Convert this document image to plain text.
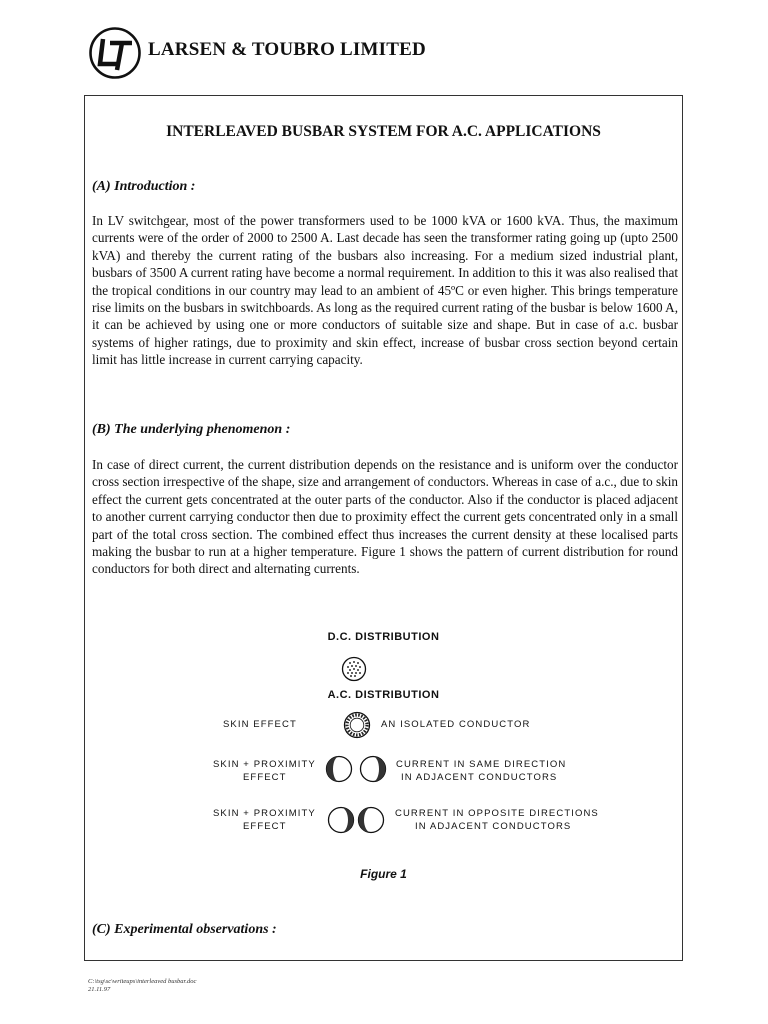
LARSEN & TOUBRO LIMITED
INTERLEAVED BUSBAR SYSTEM FOR A.C. APPLICATIONS
(A) Introduction :

In LV switchgear, most of the power transformers used to be 1000 kVA or 1600 kVA. Thus, the maximum currents were of the order of 2000 to 2500 A. Last decade has seen the transformer rating going up (upto 2500 kVA) and thereby the current rating of the busbars also increasing. For a medium sized industrial plant, busbars of 3500 A current rating have become a normal requirement. In addition to this it was also realised that the tropical conditions in our country may lead to an ambient of 45ºC or even higher. This brings temperature rise limits on the busbars in switchboards. As long as the required current rating of the busbar is below 1600 A, it can be achieved by using one or more conductors of suitable size and shape. But in case of a.c. busbar systems of higher ratings, due to proximity and skin effect, increase of busbar cross section beyond certain limit has little increase in current carrying capacity.

(B) The underlying phenomenon :

In case of direct current, the current distribution depends on the resistance and is uniform over the conductor cross section irrespective of the shape, size and arrangement of conductors. Whereas in case of a.c., due to skin effect the current gets concentrated at the outer parts of the conductor. Also if the conductor is placed adjacent to another current carrying conductor then due to proximity effect the current gets concentrated only in a small part of the total cross section. The combined effect thus increases the current density at these localised parts making the busbar to run at a higher temperature. Figure 1 shows the pattern of current distribution for round conductors for both direct and alternating currents.

D.C. DISTRIBUTION
A.C. DISTRIBUTION
SKIN EFFECT	AN ISOLATED CONDUCTOR
SKIN + PROXIMITY
EFFECT
CURRENT IN SAME DIRECTION
IN ADJACENT CONDUCTORS
SKIN + PROXIMITY
EFFECT
CURRENT IN OPPOSITE DIRECTIONS
IN ADJACENT CONDUCTORS
Figure 1
(C) Experimental observations :
C:\tsg\sc\writeups\interleaved busbar.doc
21.11.97
